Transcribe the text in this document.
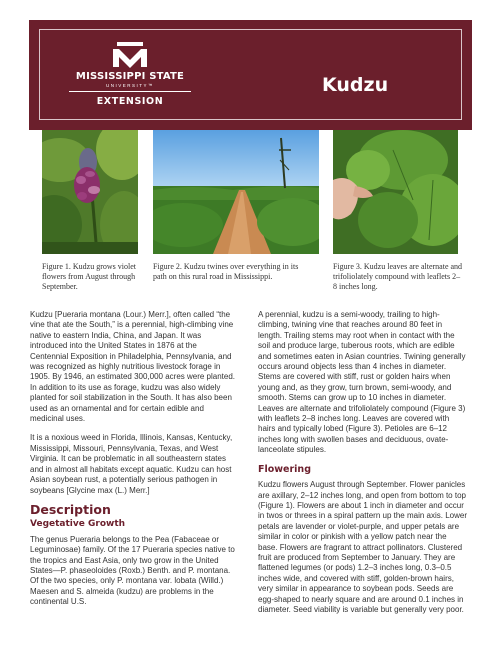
MISSISSIPPI STATE
UNIVERSITY™
EXTENSION
Kudzu
Figure 1. Kudzu grows violet flowers from August through September.
Figure 2. Kudzu twines over everything in its path on this rural road in Mississippi.
Figure 3. Kudzu leaves are alternate and trifoliolately compound with leaflets 2–8 inches long.

Kudzu [Pueraria montana (Lour.) Merr.], often called “the vine that ate the South,” is a perennial, high-climbing vine native to eastern India, China, and Japan. It was introduced into the United States in 1876 at the Centennial Exposition in Philadelphia, Pennsylvania, and was recognized as highly nutritious livestock forage in 1905. By 1946, an estimated 300,000 acres were planted. In addition to its use as forage, kudzu was also widely planted for soil stabilization in the South. It has also been used as an ornamental and for certain edible and medicinal uses.

It is a noxious weed in Florida, Illinois, Kansas, Kentucky, Mississippi, Missouri, Pennsylvania, Texas, and West Virginia. It can be problematic in all southeastern states and in almost all habitats except aquatic. Kudzu can host Asian soybean rust, a potentially serious pathogen in soybeans [Glycine max (L.) Merr.]

Description
Vegetative Growth

The genus Pueraria belongs to the Pea (Fabaceae or Leguminosae) family. Of the 17 Pueraria species native to the tropics and East Asia, only two grow in the United States—P. phaseoloides (Roxb.) Benth. and P. montana. Of the two species, only P. montana var. lobata (Willd.) Maesen and S. almeida (kudzu) are problems in the continental U.S.

A perennial, kudzu is a semi-woody, trailing to high-climbing, twining vine that reaches around 80 feet in length. Trailing stems may root when in contact with the soil and produce large, tuberous roots, which are edible and sometimes eaten in Asian countries. Twining generally occurs around objects less than 4 inches in diameter. Stems are covered with stiff, rust or golden hairs when young and, as they grow, turn brown, semi-woody, and smooth. Stems can grow up to 10 inches in diameter. Leaves are alternate and trifoliolately compound (Figure 3) with leaflets 2–8 inches long. Leaves are covered with hairs and typically lobed (Figure 3). Petioles are 6–12 inches long with swollen bases and deciduous, ovate-lanceolate stipules.

Flowering

Kudzu flowers August through September. Flower panicles are axillary, 2–12 inches long, and open from bottom to top (Figure 1). Flowers are about 1 inch in diameter and occur in twos or threes in a spiral pattern up the main axis. Lower petals are lavender or violet-purple, and upper petals are similar in color or pinkish with a yellow patch near the base. Flowers are fragrant to attract pollinators. Clustered fruit are produced from September to January. They are flattened legumes (or pods) 1.2–3 inches long, 0.3–0.5 inches wide, and covered with stiff, golden-brown hairs, very similar in appearance to soybean pods. Seeds are egg-shaped to nearly square and are around 0.1 inches in diameter. Seed viability is variable but generally very poor.
